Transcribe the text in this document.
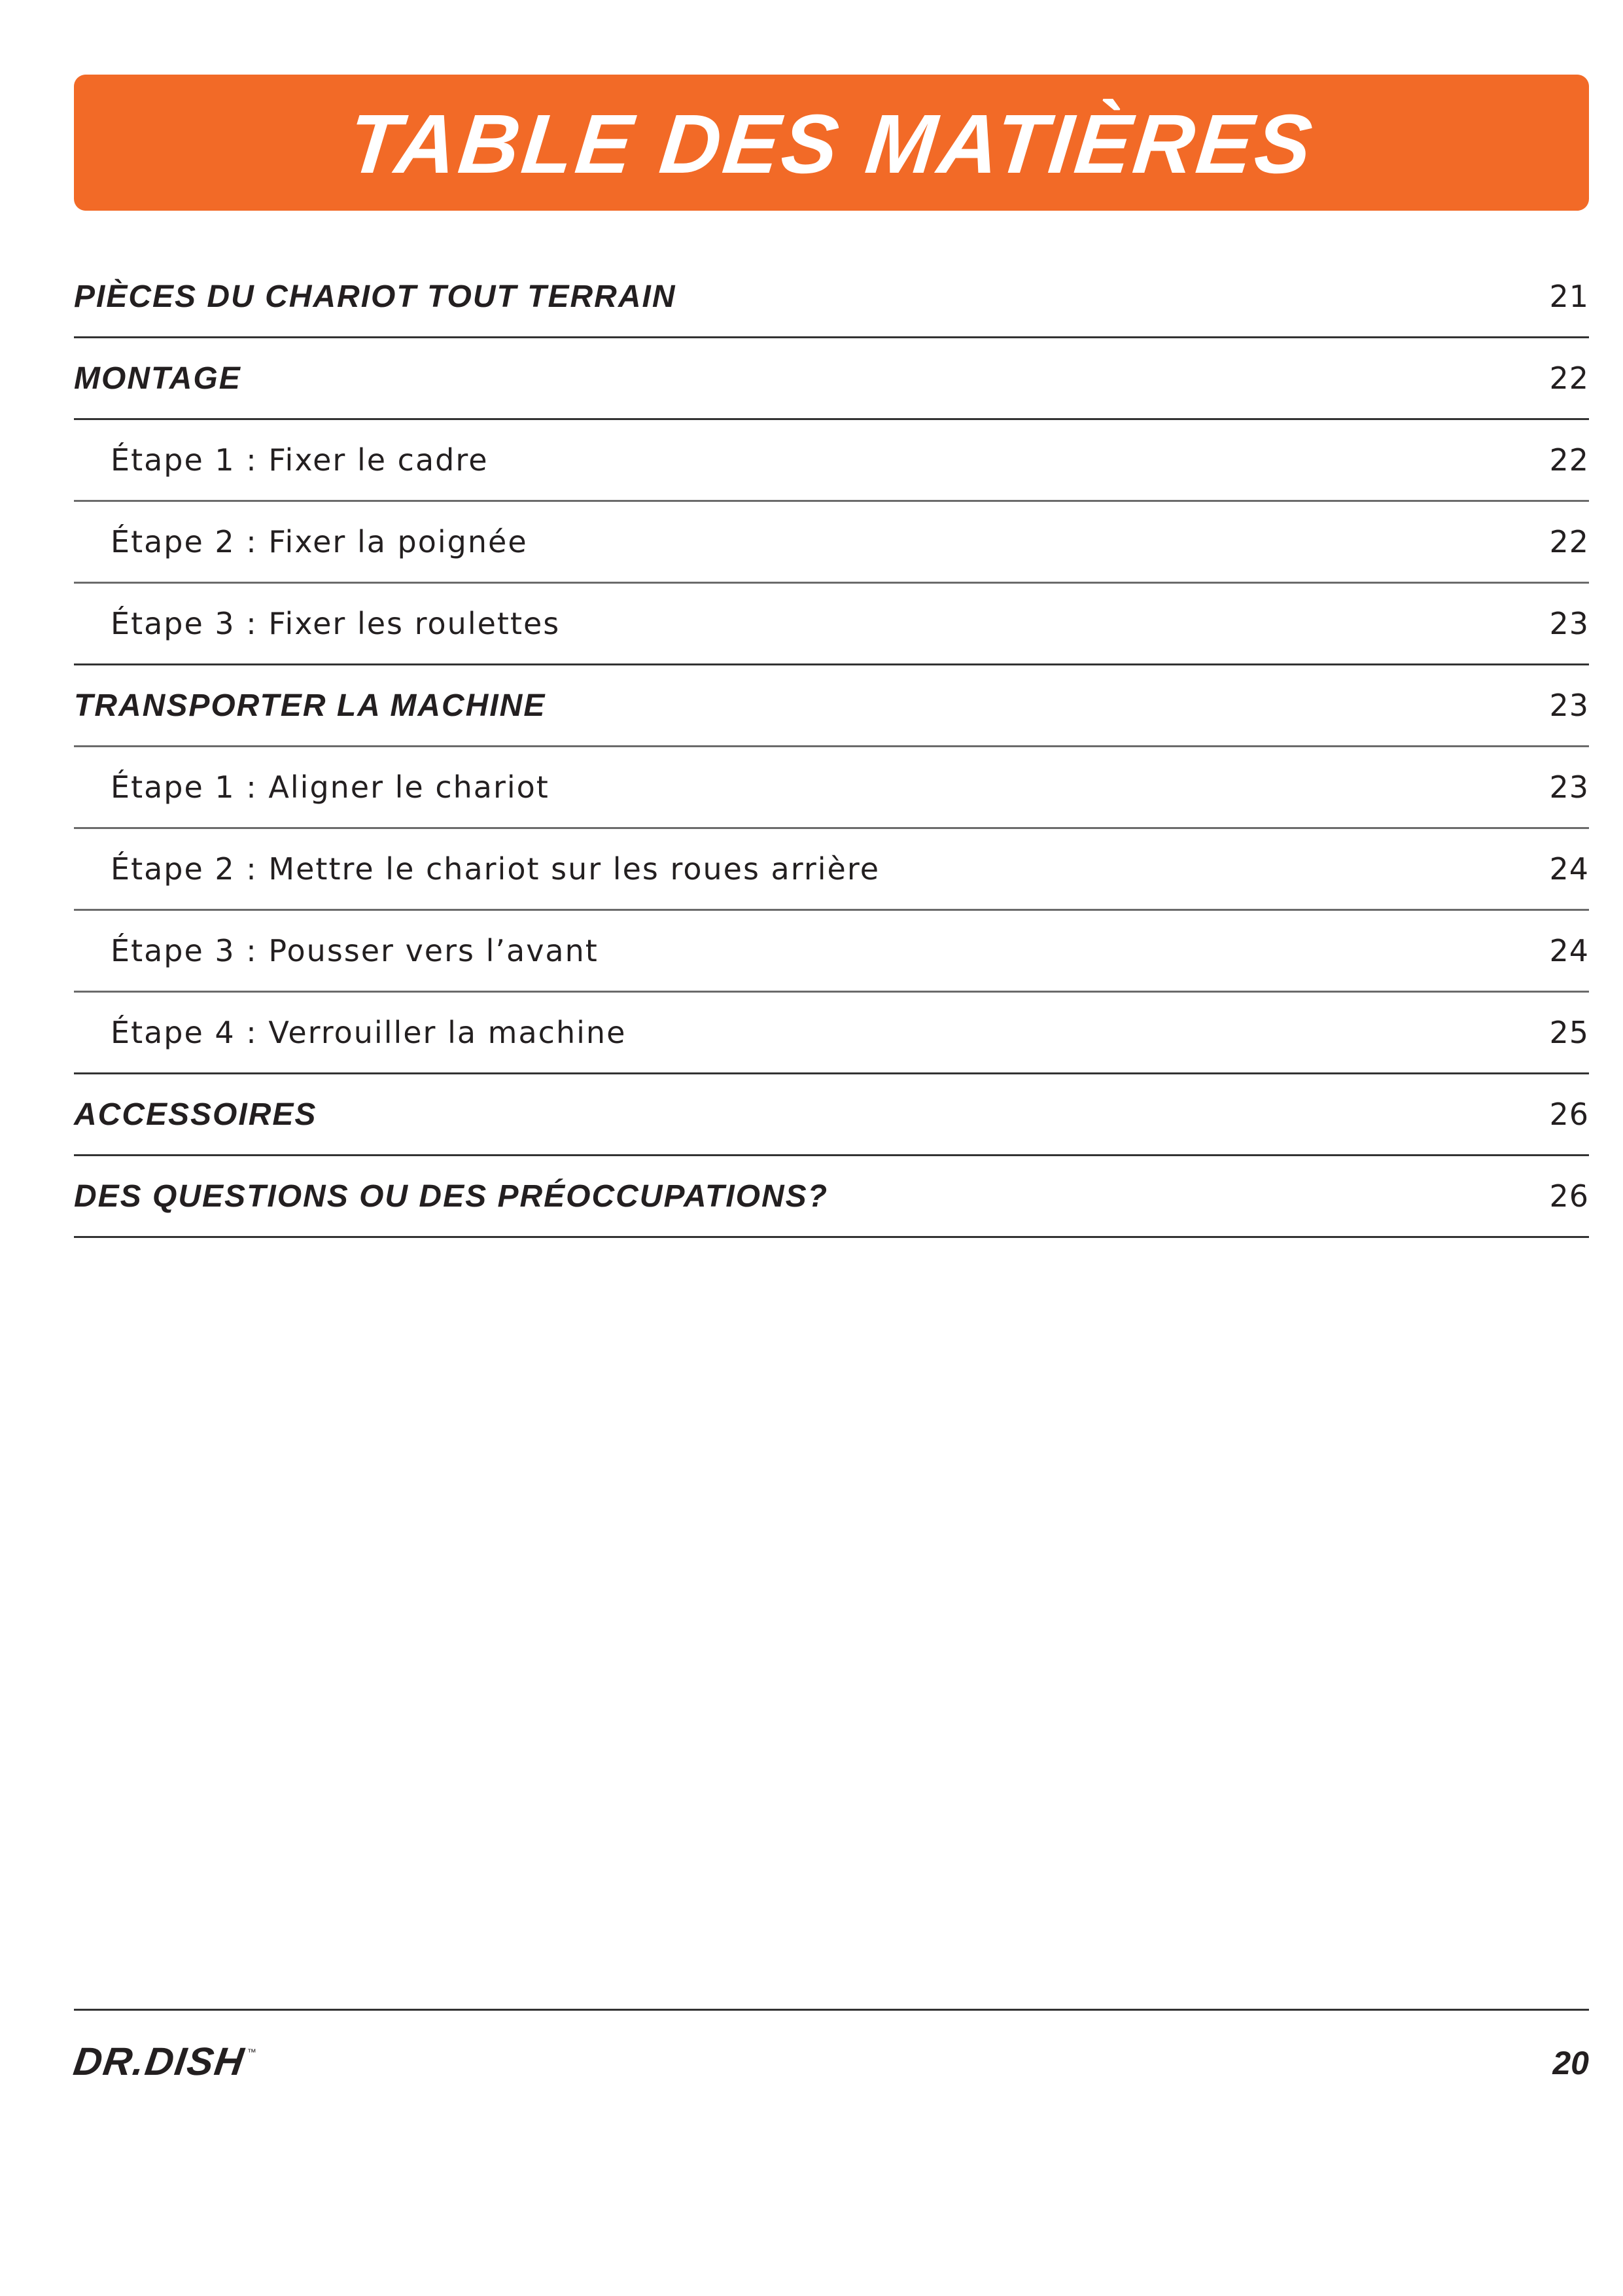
TABLE DES MATIÈRES
PIÈCES DU CHARIOT TOUT TERRAIN	21
MONTAGE	22
Étape 1 : Fixer le cadre	22
Étape 2 : Fixer la poignée	22
Étape 3 : Fixer les roulettes	23
TRANSPORTER LA MACHINE	23
Étape 1 : Aligner le chariot	23
Étape 2 : Mettre le chariot sur les roues arrière	24
Étape 3 : Pousser vers l’avant	24
Étape 4 : Verrouiller la machine	25
ACCESSOIRES	26
DES QUESTIONS OU DES PRÉOCCUPATIONS?	26
DR.DISH ™	20
